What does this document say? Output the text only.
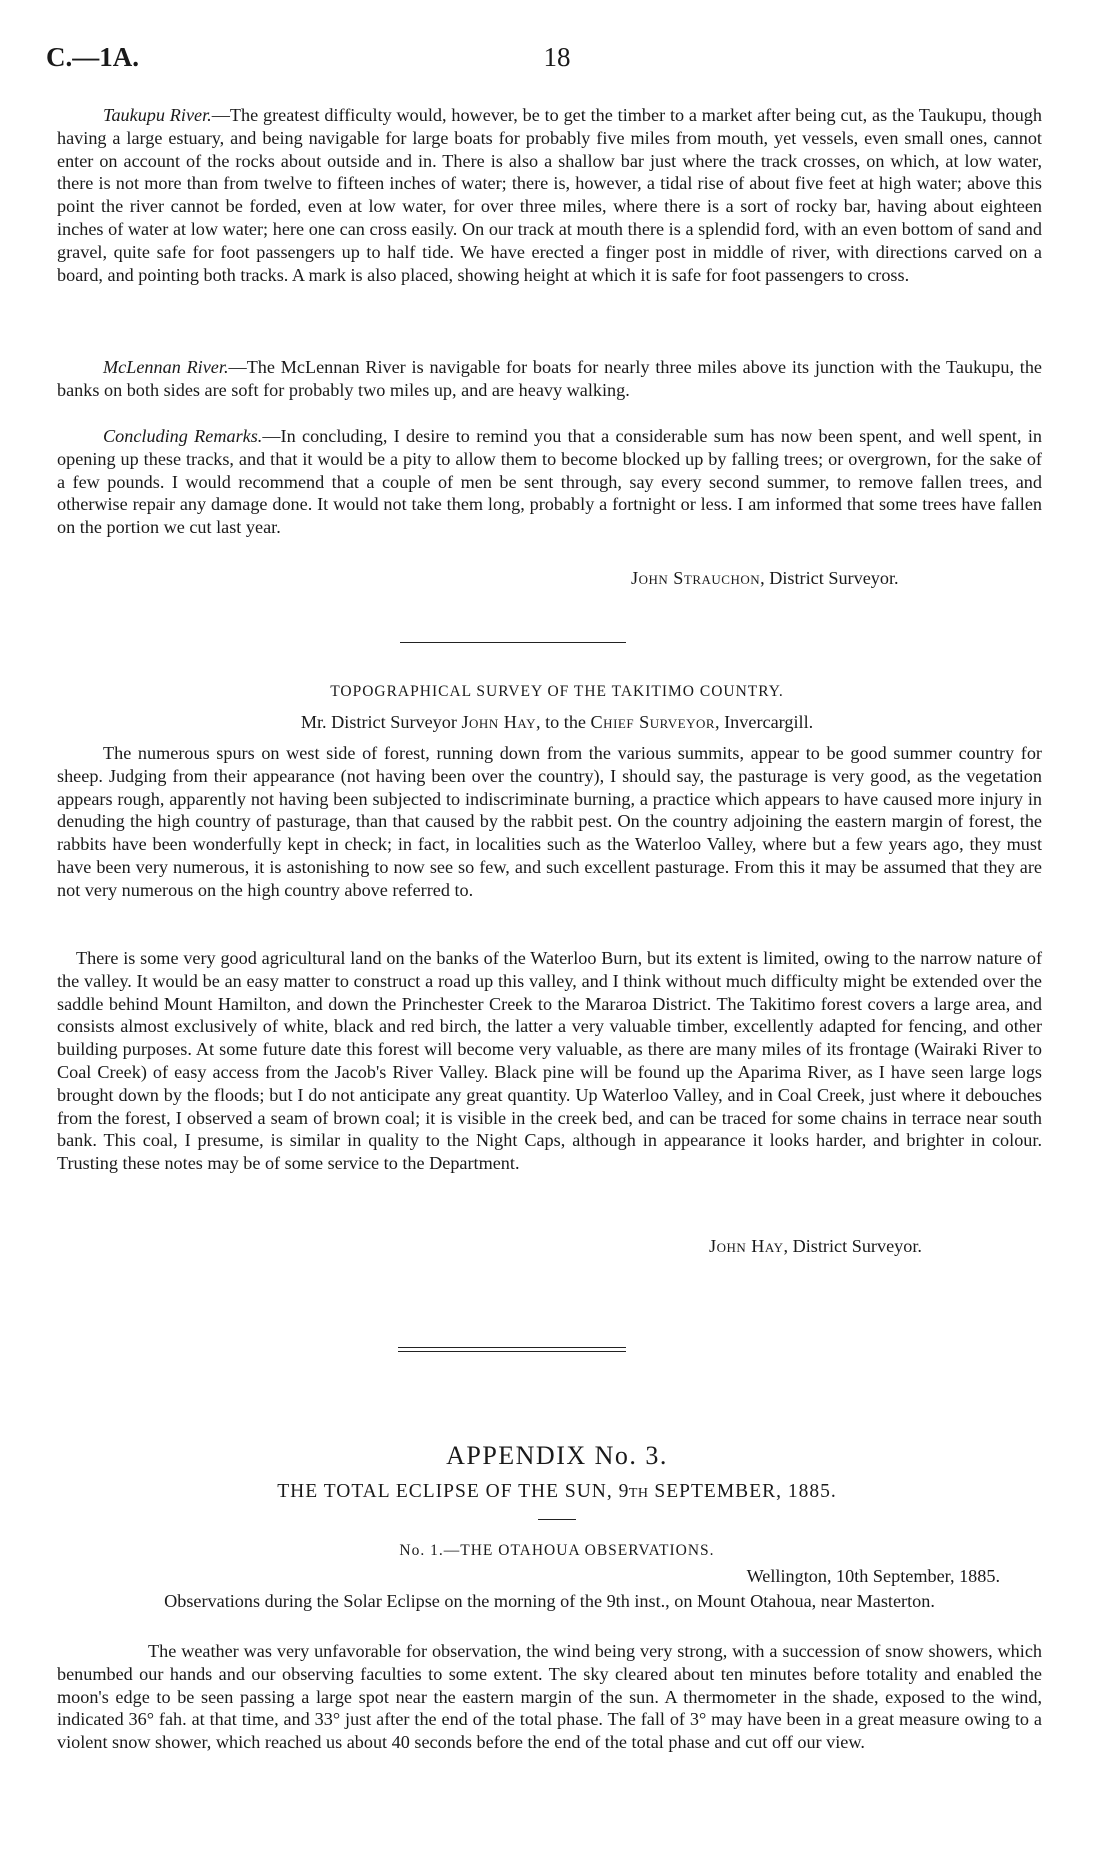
C.—1A.	18

Taukupu River.—The greatest difficulty would, however, be to get the timber to a market after being cut, as the Taukupu, though having a large estuary, and being navigable for large boats for probably five miles from mouth, yet vessels, even small ones, cannot enter on account of the rocks about outside and in. There is also a shallow bar just where the track crosses, on which, at low water, there is not more than from twelve to fifteen inches of water; there is, however, a tidal rise of about five feet at high water; above this point the river cannot be forded, even at low water, for over three miles, where there is a sort of rocky bar, having about eighteen inches of water at low water; here one can cross easily. On our track at mouth there is a splendid ford, with an even bottom of sand and gravel, quite safe for foot passengers up to half tide. We have erected a finger post in middle of river, with directions carved on a board, and pointing both tracks. A mark is also placed, showing height at which it is safe for foot passengers to cross.

McLennan River.—The McLennan River is navigable for boats for nearly three miles above its junction with the Taukupu, the banks on both sides are soft for probably two miles up, and are heavy walking.

Concluding Remarks.—In concluding, I desire to remind you that a considerable sum has now been spent, and well spent, in opening up these tracks, and that it would be a pity to allow them to become blocked up by falling trees; or overgrown, for the sake of a few pounds. I would recommend that a couple of men be sent through, say every second summer, to remove fallen trees, and otherwise repair any damage done. It would not take them long, probably a fortnight or less. I am informed that some trees have fallen on the portion we cut last year.

John Strauchon, District Surveyor.
TOPOGRAPHICAL SURVEY OF THE TAKITIMO COUNTRY.
Mr. District Surveyor John Hay, to the Chief Surveyor, Invercargill.

The numerous spurs on west side of forest, running down from the various summits, appear to be good summer country for sheep. Judging from their appearance (not having been over the country), I should say, the pasturage is very good, as the vegetation appears rough, apparently not having been subjected to indiscriminate burning, a practice which appears to have caused more injury in denuding the high country of pasturage, than that caused by the rabbit pest. On the country adjoining the eastern margin of forest, the rabbits have been wonderfully kept in check; in fact, in localities such as the Waterloo Valley, where but a few years ago, they must have been very numerous, it is astonishing to now see so few, and such excellent pasturage. From this it may be assumed that they are not very numerous on the high country above referred to.

There is some very good agricultural land on the banks of the Waterloo Burn, but its extent is limited, owing to the narrow nature of the valley. It would be an easy matter to construct a road up this valley, and I think without much difficulty might be extended over the saddle behind Mount Hamilton, and down the Princhester Creek to the Mararoa District. The Takitimo forest covers a large area, and consists almost exclusively of white, black and red birch, the latter a very valuable timber, excellently adapted for fencing, and other building purposes. At some future date this forest will become very valuable, as there are many miles of its frontage (Wairaki River to Coal Creek) of easy access from the Jacob's River Valley. Black pine will be found up the Aparima River, as I have seen large logs brought down by the floods; but I do not anticipate any great quantity. Up Waterloo Valley, and in Coal Creek, just where it debouches from the forest, I observed a seam of brown coal; it is visible in the creek bed, and can be traced for some chains in terrace near south bank. This coal, I presume, is similar in quality to the Night Caps, although in appearance it looks harder, and brighter in colour. Trusting these notes may be of some service to the Department.

John Hay, District Surveyor.
APPENDIX No. 3.
THE TOTAL ECLIPSE OF THE SUN, 9th SEPTEMBER, 1885.
No. 1.—THE OTAHOUA OBSERVATIONS.
Wellington, 10th September, 1885.

Observations during the Solar Eclipse on the morning of the 9th inst., on Mount Otahoua, near Masterton.

The weather was very unfavorable for observation, the wind being very strong, with a succession of snow showers, which benumbed our hands and our observing faculties to some extent. The sky cleared about ten minutes before totality and enabled the moon's edge to be seen passing a large spot near the eastern margin of the sun. A thermometer in the shade, exposed to the wind, indicated 36° fah. at that time, and 33° just after the end of the total phase. The fall of 3° may have been in a great measure owing to a violent snow shower, which reached us about 40 seconds before the end of the total phase and cut off our view.
